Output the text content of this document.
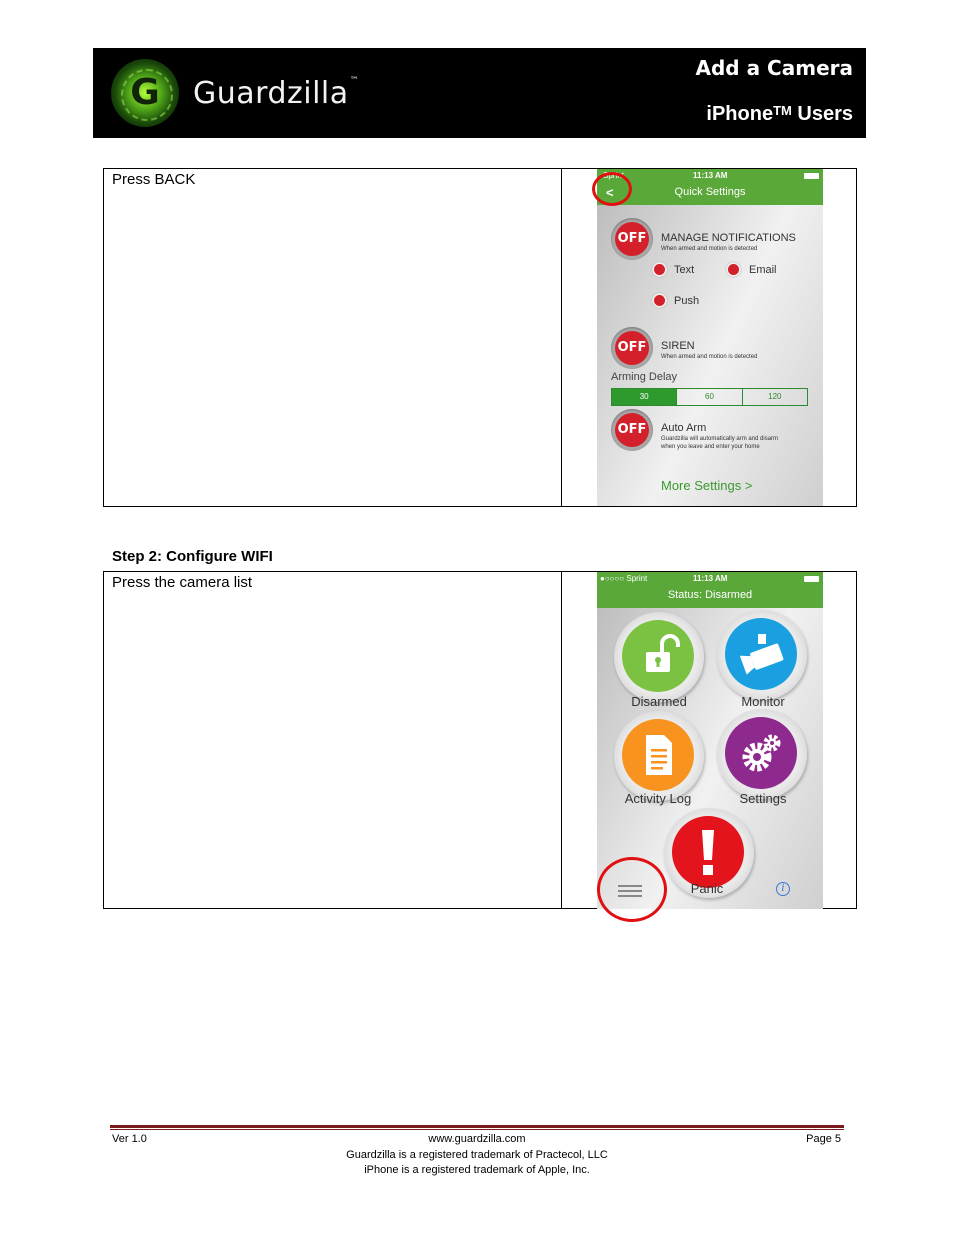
G	Guardzilla™
Add a Camera
iPhone™ Users
Press BACK	Sprint	11:13 AM
Quick Settings
<
OFF MANAGE NOTIFICATIONS
When armed and motion is detected
Text	Email
Push
OFF SIREN
When armed and motion is detected
Arming Delay
30	60	120
OFF Auto Arm
Guardzilla will automatically arm and disarm
when you leave and enter your home
More Settings >
Step 2: Configure WIFI
Press the camera list	●○○○○ Sprint	11:13 AM
Status: Disarmed
Disarmed	Monitor
Activity Log	Settings
Panic	i
Ver 1.0	www.guardzilla.com	Page 5
Guardzilla is a registered trademark of Practecol, LLC
iPhone is a registered trademark of Apple, Inc.
